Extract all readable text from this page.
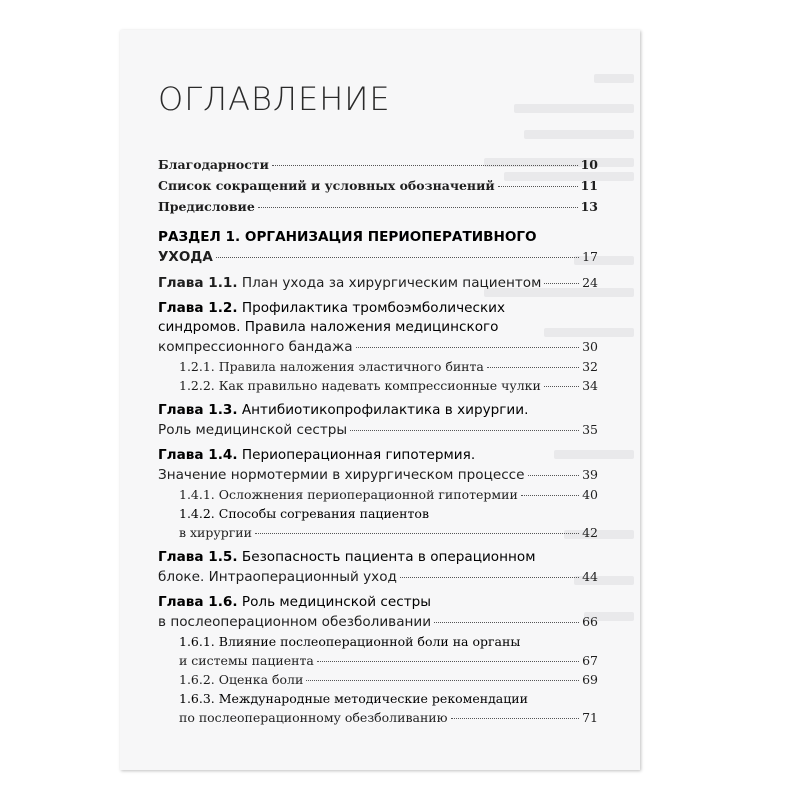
ОГЛАВЛЕНИЕ
Благодарности	10
Список сокращений и условных обозначений	11
Предисловие	13
РАЗДЕЛ 1. ОРГАНИЗАЦИЯ ПЕРИОПЕРАТИВНОГО
УХОДА	17
Глава 1.1. План ухода за хирургическим пациентом	24
Глава 1.2. Профилактика тромбоэмболических
синдромов. Правила наложения медицинского
компрессионного бандажа	30
1.2.1. Правила наложения эластичного бинта	32
1.2.2. Как правильно надевать компрессионные чулки	34
Глава 1.3. Антибиотикопрофилактика в хирургии.
Роль медицинской сестры	35
Глава 1.4. Периоперационная гипотермия.
Значение нормотермии в хирургическом процессе	39
1.4.1. Осложнения периоперационной гипотермии	40
1.4.2. Способы согревания пациентов
в хирургии	42
Глава 1.5. Безопасность пациента в операционном
блоке. Интраоперационный уход	44
Глава 1.6. Роль медицинской сестры
в послеоперационном обезболивании	66
1.6.1. Влияние послеоперационной боли на органы
и системы пациента	67
1.6.2. Оценка боли	69
1.6.3. Международные методические рекомендации
по послеоперационному обезболиванию	71
